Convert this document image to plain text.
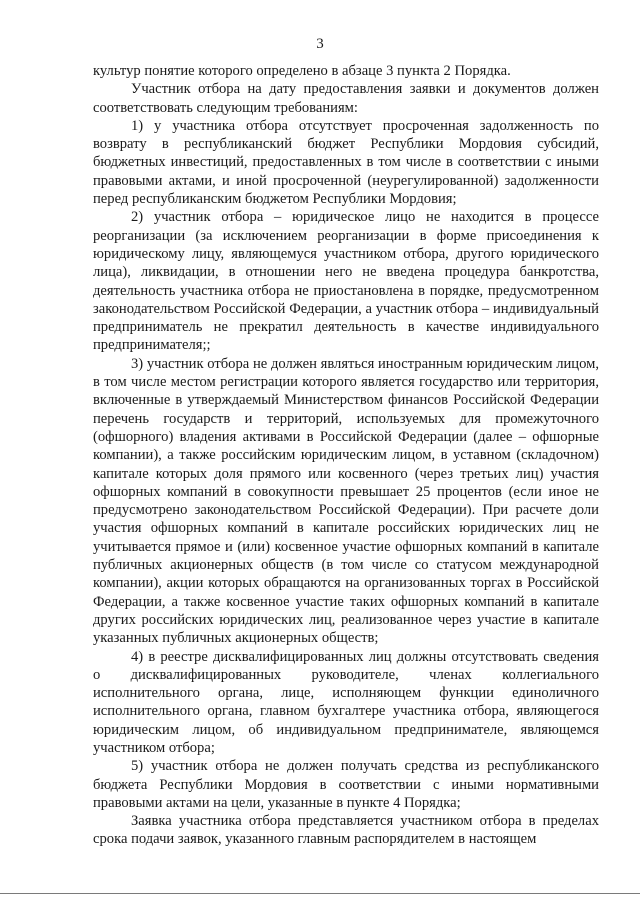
3

культур понятие которого определено в абзаце 3 пункта 2 Порядка.

Участник отбора на дату предоставления заявки и документов должен соответствовать следующим требованиям:

1) у участника отбора отсутствует просроченная задолженность по возврату в республиканский бюджет Республики Мордовия субсидий, бюджетных инвестиций, предоставленных в том числе в соответствии с иными правовыми актами, и иной просроченной (неурегулированной) задолженности перед республиканским бюджетом Республики Мордовия;

2) участник отбора – юридическое лицо не находится в процессе реорганизации (за исключением реорганизации в форме присоединения к юридическому лицу, являющемуся участником отбора, другого юридического лица), ликвидации, в отношении него не введена процедура банкротства, деятельность участника отбора не приостановлена в порядке, предусмотренном законодательством Российской Федерации, а участник отбора – индивидуальный предприниматель не прекратил деятельность в качестве индивидуального предпринимателя;;

3) участник отбора не должен являться иностранным юридическим лицом, в том числе местом регистрации которого является государство или территория, включенные в утверждаемый Министерством финансов Российской Федерации перечень государств и территорий, используемых для промежуточного (офшорного) владения активами в Российской Федерации (далее – офшорные компании), а также российским юридическим лицом, в уставном (складочном) капитале которых доля прямого или косвенного (через третьих лиц) участия офшорных компаний в совокупности превышает 25 процентов (если иное не предусмотрено законодательством Российской Федерации). При расчете доли участия офшорных компаний в капитале российских юридических лиц не учитывается прямое и (или) косвенное участие офшорных компаний в капитале публичных акционерных обществ (в том числе со статусом международной компании), акции которых обращаются на организованных торгах в Российской Федерации, а также косвенное участие таких офшорных компаний в капитале других российских юридических лиц, реализованное через участие в капитале указанных публичных акционерных обществ;

4) в реестре дисквалифицированных лиц должны отсутствовать сведения о дисквалифицированных руководителе, членах коллегиального исполнительного органа, лице, исполняющем функции единоличного исполнительного органа, главном бухгалтере участника отбора, являющегося юридическим лицом, об индивидуальном предпринимателе, являющемся участником отбора;

5) участник отбора не должен получать средства из республиканского бюджета Республики Мордовия в соответствии с иными нормативными правовыми актами на цели, указанные в пункте 4 Порядка;

Заявка участника отбора представляется участником отбора в пределах срока подачи заявок, указанного главным распорядителем в настоящем
